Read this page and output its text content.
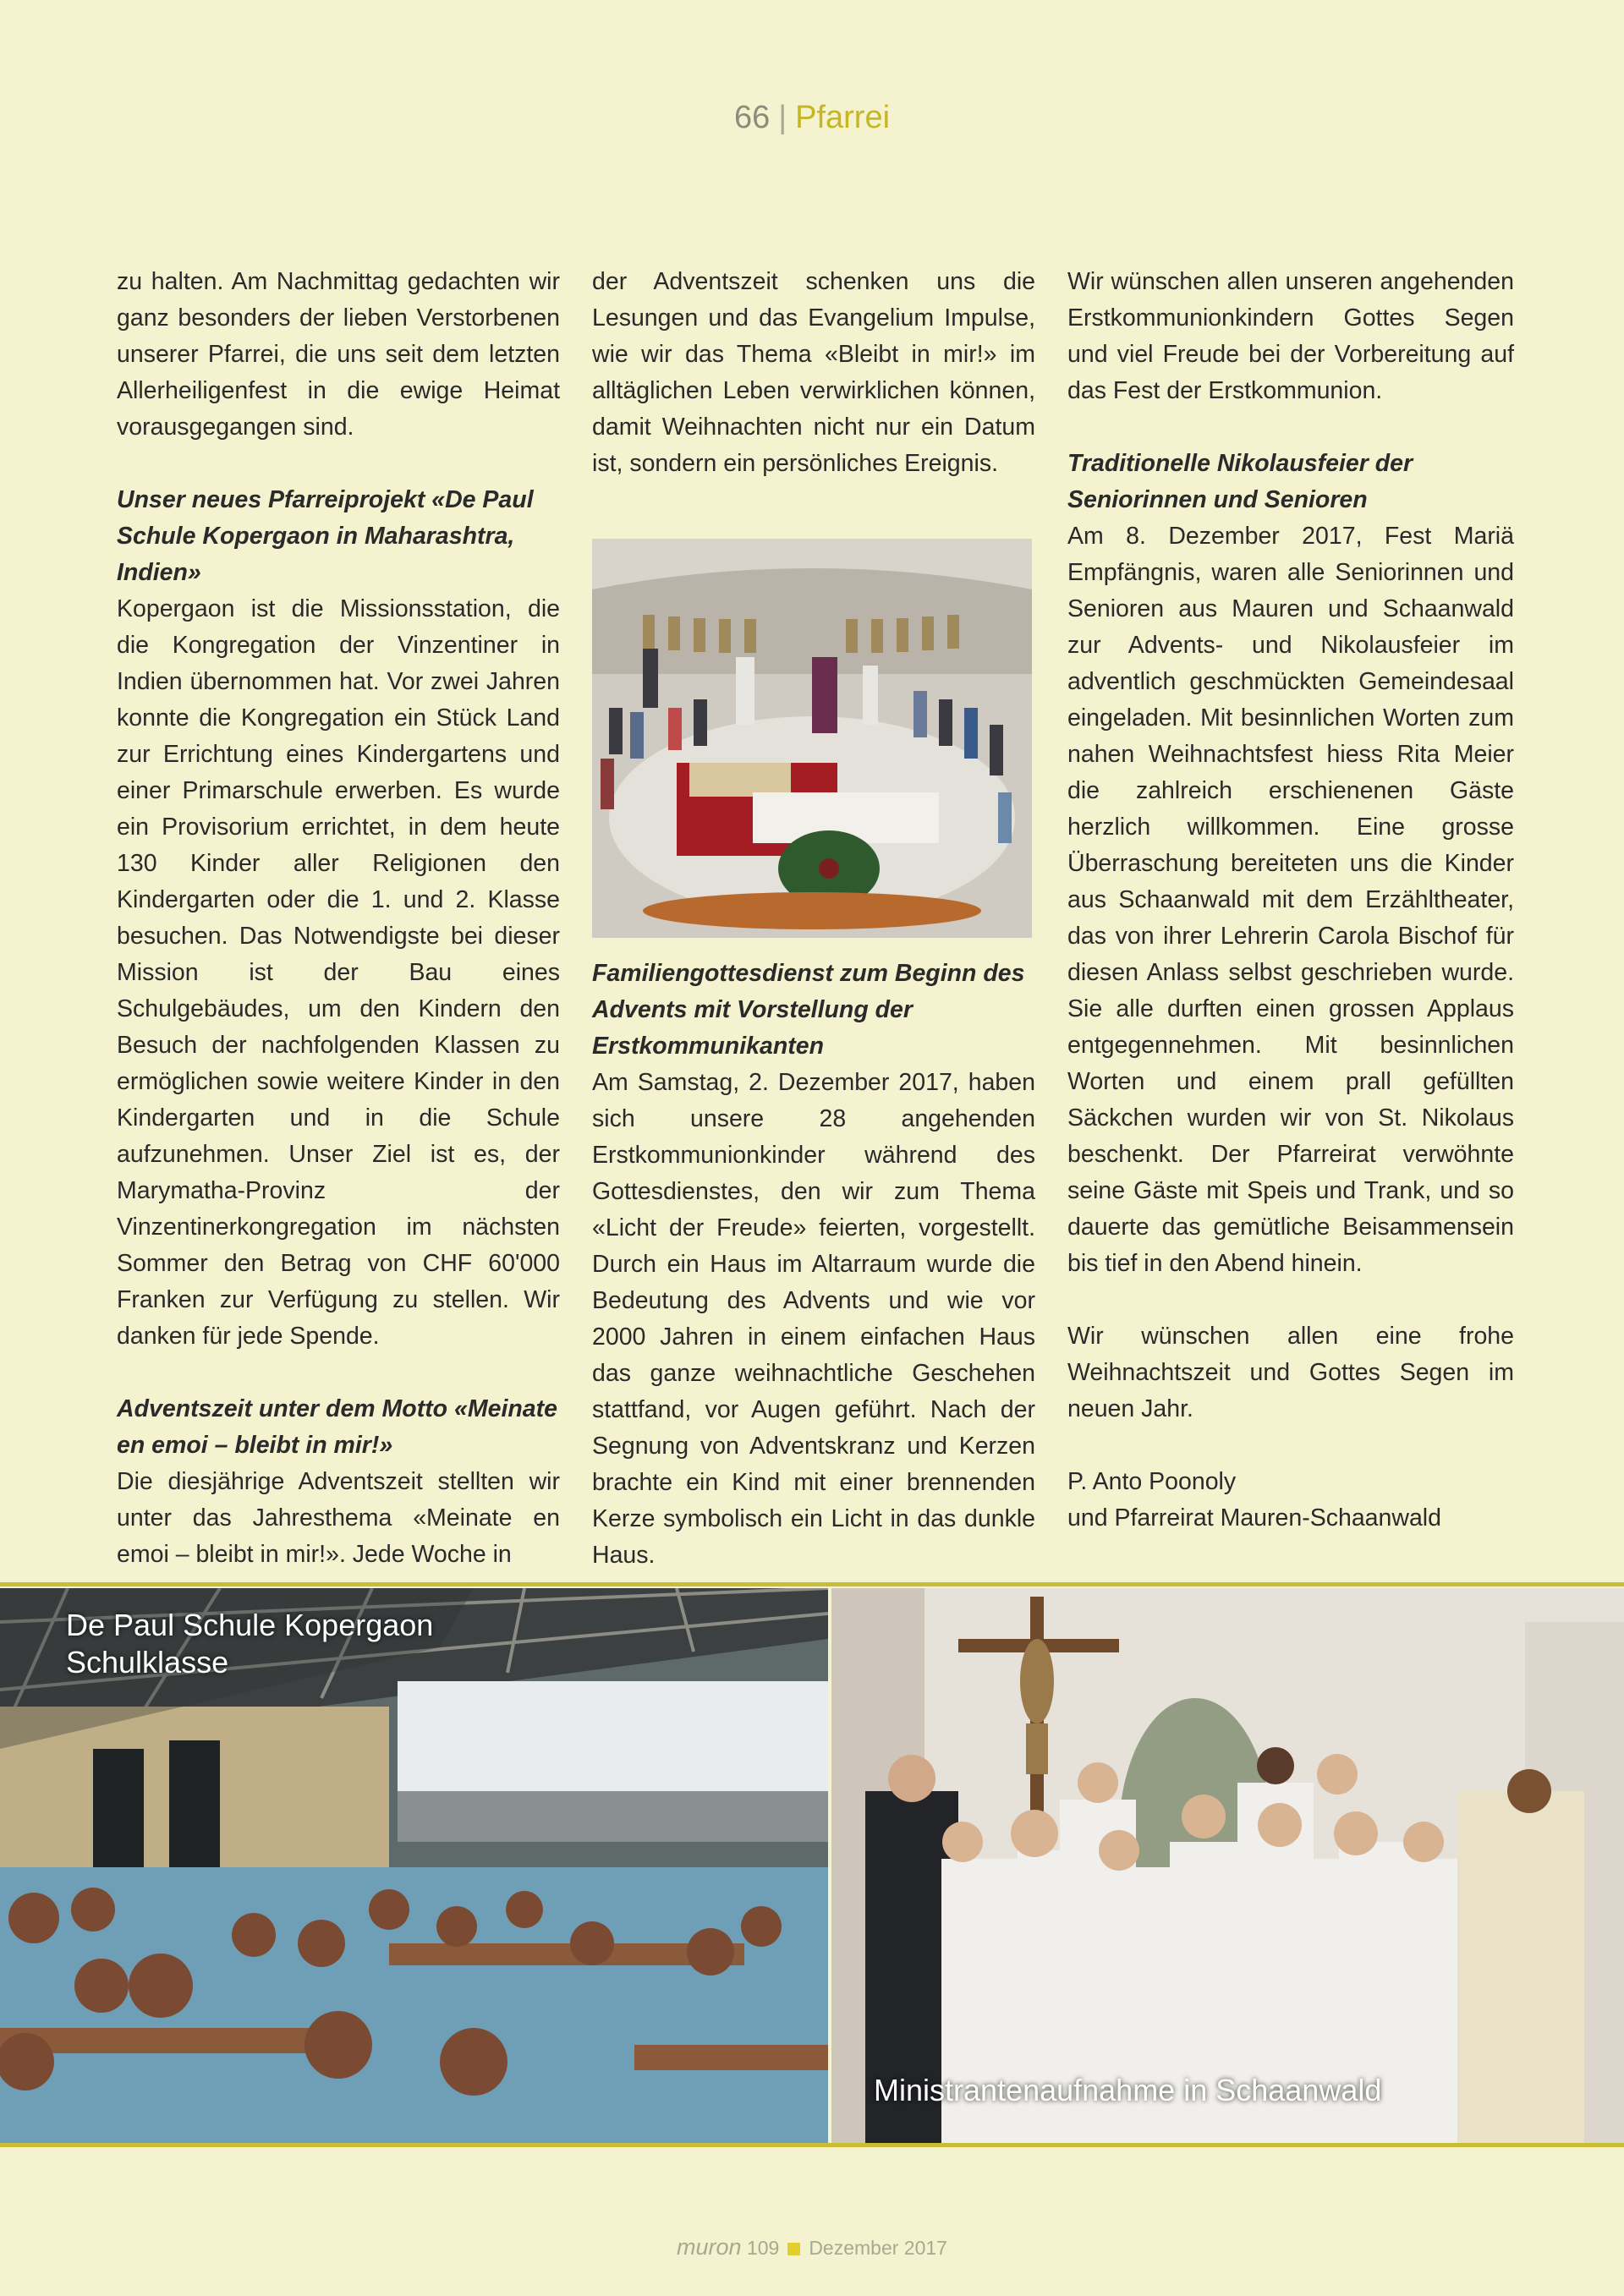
66 | Pfarrei

zu halten. Am Nachmittag gedachten wir ganz besonders der lieben Verstorbenen unserer Pfarrei, die uns seit dem letzten Allerheiligenfest in die ewige Heimat vorausgegangen sind.

Unser neues Pfarreiprojekt «De Paul Schule Kopergaon in Maharashtra, Indien»

Kopergaon ist die Missionsstation, die die Kongregation der Vinzentiner in Indien übernommen hat. Vor zwei Jahren konnte die Kongregation ein Stück Land zur Errichtung eines Kindergartens und einer Primarschule erwerben. Es wurde ein Provisorium errichtet, in dem heute 130 Kinder aller Religionen den Kindergarten oder die 1. und 2. Klasse besuchen. Das Notwendigste bei dieser Mission ist der Bau eines Schulgebäudes, um den Kindern den Besuch der nachfolgenden Klassen zu ermöglichen sowie weitere Kinder in den Kindergarten und in die Schule aufzunehmen. Unser Ziel ist es, der Marymatha-Provinz der Vinzentinerkongregation im nächsten Sommer den Betrag von CHF 60'000 Franken zur Verfügung zu stellen. Wir danken für jede Spende.

Adventszeit unter dem Motto «Meinate en emoi – bleibt in mir!»

Die diesjährige Adventszeit stellten wir unter das Jahresthema «Meinate en emoi – bleibt in mir!». Jede Woche in

der Adventszeit schenken uns die Lesungen und das Evangelium Impulse, wie wir das Thema «Bleibt in mir!» im alltäglichen Leben verwirklichen können, damit Weihnachten nicht nur ein Datum ist, sondern ein persönliches Ereignis.

Familiengottesdienst zum Beginn des Advents mit Vorstellung der Erstkommunikanten

Am Samstag, 2. Dezember 2017, haben sich unsere 28 angehenden Erstkommunionkinder während des Gottesdienstes, den wir zum Thema «Licht der Freude» feierten, vorgestellt. Durch ein Haus im Altarraum wurde die Bedeutung des Advents und wie vor 2000 Jahren in einem einfachen Haus das ganze weihnachtliche Geschehen stattfand, vor Augen geführt. Nach der Segnung von Adventskranz und Kerzen brachte ein Kind mit einer brennenden Kerze symbolisch ein Licht in das dunkle Haus.

Wir wünschen allen unseren angehenden Erstkommunionkindern Gottes Segen und viel Freude bei der Vorbereitung auf das Fest der Erstkommunion.

Traditionelle Nikolausfeier der Seniorinnen und Senioren

Am 8. Dezember 2017, Fest Mariä Empfängnis, waren alle Seniorinnen und Senioren aus Mauren und Schaanwald zur Advents- und Nikolausfeier im adventlich geschmückten Gemeindesaal eingeladen. Mit besinnlichen Worten zum nahen Weihnachtsfest hiess Rita Meier die zahlreich erschienenen Gäste herzlich willkommen. Eine grosse Überraschung bereiteten uns die Kinder aus Schaanwald mit dem Erzähltheater, das von ihrer Lehrerin Carola Bischof für diesen Anlass selbst geschrieben wurde. Sie alle durften einen grossen Applaus entgegennehmen. Mit besinnlichen Worten und einem prall gefüllten Säckchen wurden wir von St. Nikolaus beschenkt. Der Pfarreirat verwöhnte seine Gäste mit Speis und Trank, und so dauerte das gemütliche Beisammensein bis tief in den Abend hinein.

Wir wünschen allen eine frohe Weihnachtszeit und Gottes Segen im neuen Jahr.

P. Anto Poonoly

und Pfarreirat Mauren-Schaanwald

De Paul Schule Kopergaon
Schulklasse
Ministrantenaufnahme in Schaanwald
muron 109 Dezember 2017
